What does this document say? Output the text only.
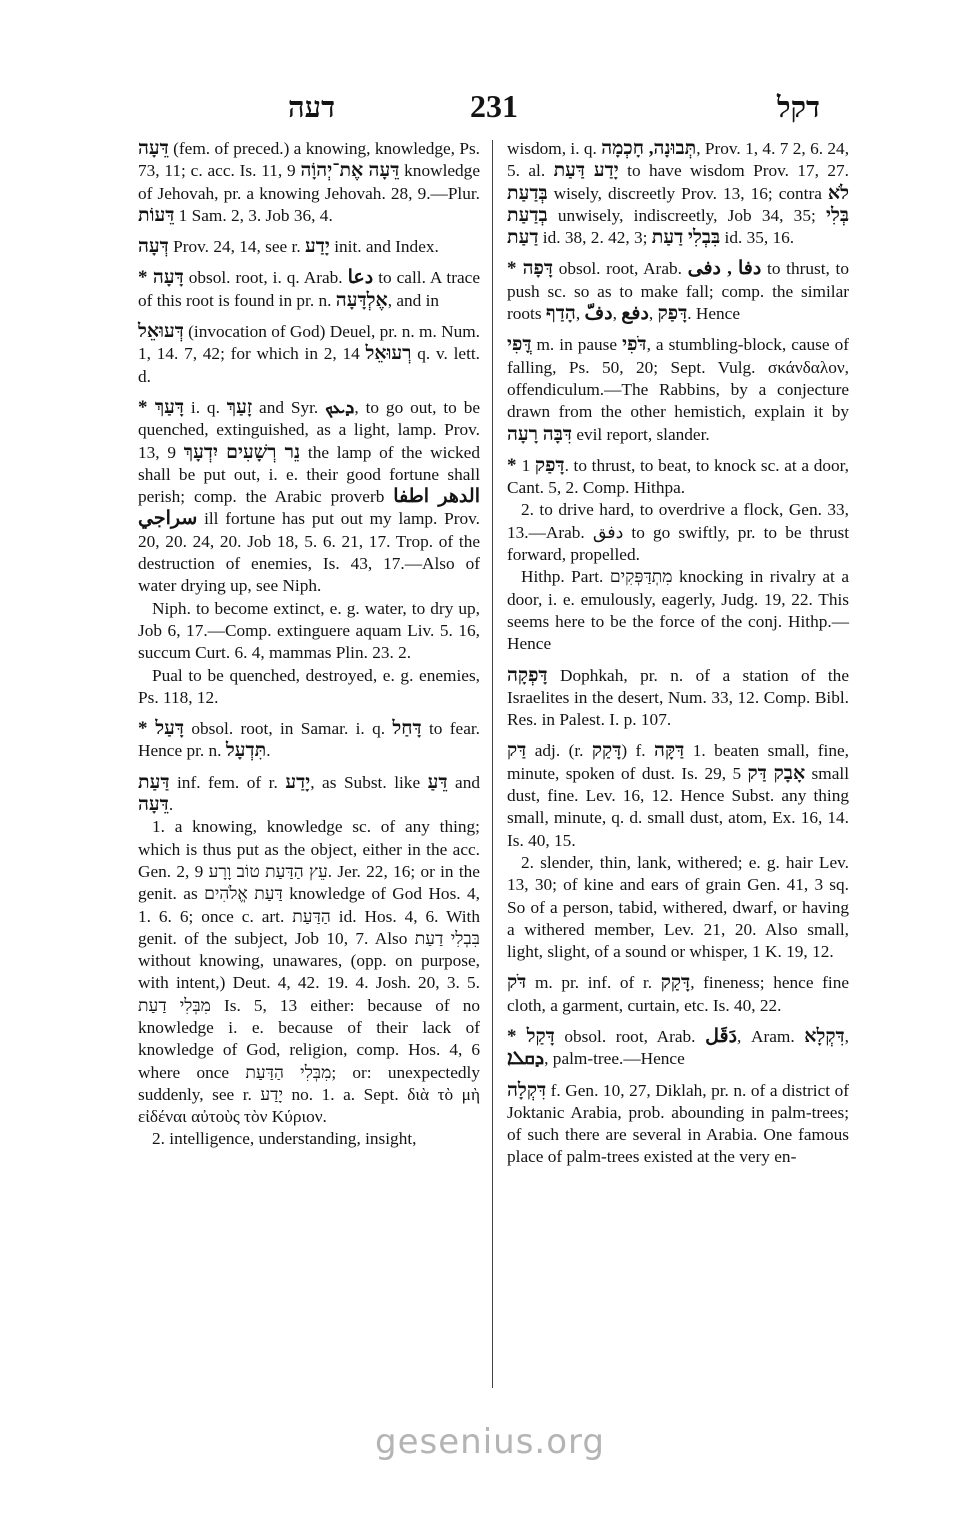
דעה	231	דקל

דֵּעָה (fem. of preced.) a knowing, knowledge, Ps. 73, 11; c. acc. Is. 11, 9 דֵּעָה אֶת־יְהוָֹה knowledge of Jehovah, pr. a knowing Jehovah. 28, 9.—Plur. דֵּעוֹת 1 Sam. 2, 3. Job 36, 4.

דְּעָה Prov. 24, 14, see r. יָדַע init. and Index.

* דָּעָה obsol. root, i. q. Arab. دعا to call. A trace of this root is found in pr. n. אֶלְדָּעָה, and in

דְּעוּאֵל (invocation of God) Deuel, pr. n. m. Num. 1, 14. 7, 42; for which in 2, 14 רְעוּאֵל q. v. lett. d.

* דָּעַךְ i. q. זָעַךְ and Syr. ܕܥܟ, to go out, to be quenched, extinguished, as a light, lamp. Prov. 13, 9 נֵר רְשָׁעִים יִדְעָךְ the lamp of the wicked shall be put out, i. e. their good fortune shall perish; comp. the Arabic proverb الدهر اطفا سراجي ill fortune has put out my lamp. Prov. 20, 20. 24, 20. Job 18, 5. 6. 21, 17. Trop. of the destruction of enemies, Is. 43, 17.—Also of water drying up, see Niph.

Niph. to become extinct, e. g. water, to dry up, Job 6, 17.—Comp. extinguere aquam Liv. 5. 16, succum Curt. 6. 4, mammas Plin. 23. 2.

Pual to be quenched, destroyed, e. g. enemies, Ps. 118, 12.

* דָּעַל obsol. root, in Samar. i. q. דָּחַל to fear. Hence pr. n. תִּדְעָל.

דַּעַת inf. fem. of r. יָדַע, as Subst. like דֵּעַ and דֵּעָה.

1. a knowing, knowledge sc. of any thing; which is thus put as the object, either in the acc. Gen. 2, 9 עֵץ הַדַּעַת טוֹב וָרָע. Jer. 22, 16; or in the genit. as דַּעַת אֱלֹהִים knowledge of God Hos. 4, 1. 6. 6; once c. art. הַדַּעַת id. Hos. 4, 6. With genit. of the subject, Job 10, 7. Also בִּבְלִי דַעַת without knowing, unawares, (opp. on purpose, with intent,) Deut. 4, 42. 19. 4. Josh. 20, 3. 5. מִבְּלִי דַעַת Is. 5, 13 either: because of no knowledge i. e. because of their lack of knowledge of God, religion, comp. Hos. 4, 6 where once מִבְּלִי הַדַּעַת; or: unexpectedly suddenly, see r. יָדַע no. 1. a. Sept. διὰ τὸ μὴ εἰδέναι αὐτοὺς τὸν Κύριον.

2. intelligence, understanding, insight,

wisdom, i. q. תְּבוּנָה, חָכְמָה, Prov. 1, 4. 7 2, 6. 24, 5. al. יָדַע דַּעַת to have wisdom Prov. 17, 27. בְּדַעַת wisely, discreetly Prov. 13, 16; contra לֹא בְדַעַת unwisely, indiscreetly, Job 34, 35; בְּלִי דַעַת id. 38, 2. 42, 3; בִּבְלִי דַעַת id. 35, 16.

* דָּפָה obsol. root, Arab. دفا , دفى to thrust, to push sc. so as to make fall; comp. the similar roots הָדַף, دفّ, دفع, דָּפַק. Hence

דֳּפִי m. in pause דֹּפִי, a stumbling-block, cause of falling, Ps. 50, 20; Sept. Vulg. σκάνδαλον, offendiculum.—The Rabbins, by a conjecture drawn from the other hemistich, explain it by דִּבָּה רָעָה evil report, slander.

* דָּפַק 1. to thrust, to beat, to knock sc. at a door, Cant. 5, 2. Comp. Hithpa.

2. to drive hard, to overdrive a flock, Gen. 33, 13.—Arab. دفق to go swiftly, pr. to be thrust forward, propelled.

Hithp. Part. מִתְדַּפְּקִים knocking in rivalry at a door, i. e. emulously, eagerly, Judg. 19, 22. This seems here to be the force of the conj. Hithp.—Hence

דָּפְקָה Dophkah, pr. n. of a station of the Israelites in the desert, Num. 33, 12. Comp. Bibl. Res. in Palest. I. p. 107.

דַּק adj. (r. דָּקַק) f. דַּקָּה 1. beaten small, fine, minute, spoken of dust. Is. 29, 5 אָבָק דַּק small dust, fine. Lev. 16, 12. Hence Subst. any thing small, minute, q. d. small dust, atom, Ex. 16, 14. Is. 40, 15.

2. slender, thin, lank, withered; e. g. hair Lev. 13, 30; of kine and ears of grain Gen. 41, 3 sq. So of a person, tabid, withered, dwarf, or having a withered member, Lev. 21, 20. Also small, light, slight, of a sound or whisper, 1 K. 19, 12.

דֹּק m. pr. inf. of r. דָּקַק, fineness; hence fine cloth, a garment, curtain, etc. Is. 40, 22.

* דָּקַל obsol. root, Arab. دَقَل, Aram. דִּקְלָא, ܕܩܠܐ, palm-tree.—Hence

דִּקְלָה f. Gen. 10, 27, Diklah, pr. n. of a district of Joktanic Arabia, prob. abounding in palm-trees; of such there are several in Arabia. One famous place of palm-trees existed at the very en-

gesenius.org
